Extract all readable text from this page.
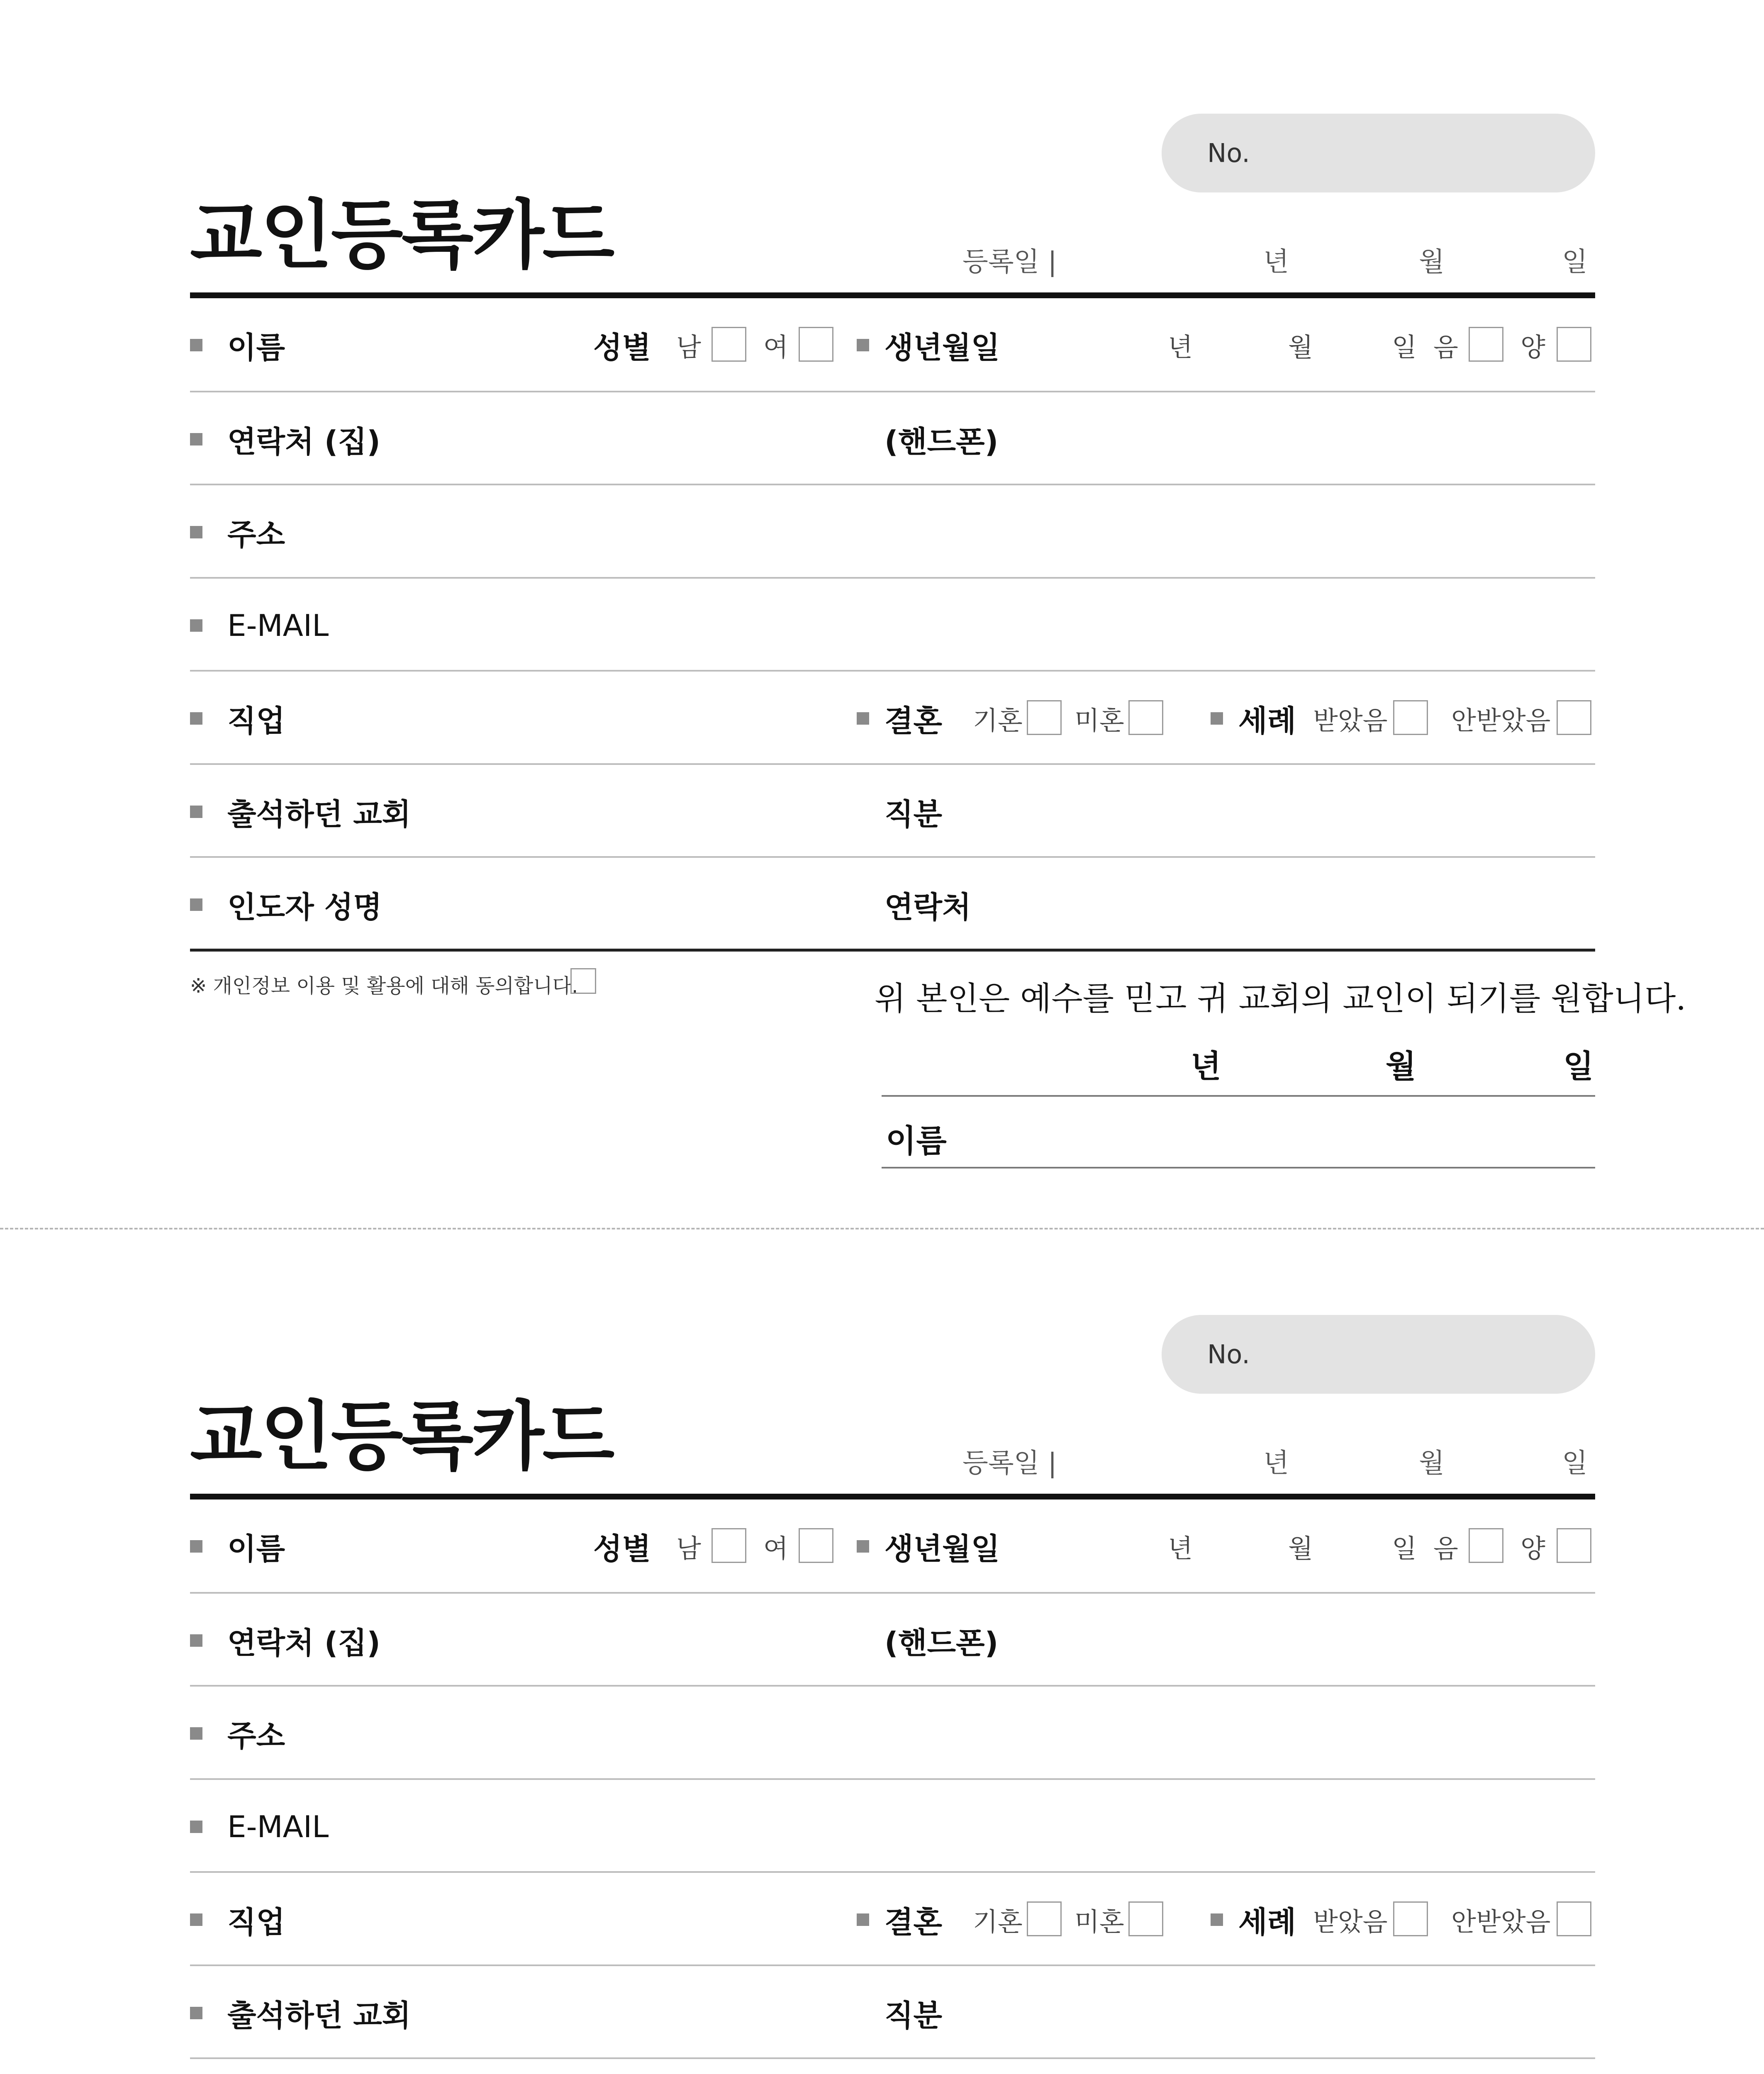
No.
교인등록카드	등록일 |	년	월	일
이름	성별 남 여	생년월일	년	월	일 음 양
연락처 (집)	(핸드폰)
주소
E-MAIL
직업	결혼 기혼 미혼	세례 받았음 안받았음
출석하던 교회	직분
인도자 성명	연락처
※ 개인정보 이용 및 활용에 대해 동의합니다.	위 본인은 예수를 믿고 귀 교회의 교인이 되기를 원합니다.
년	월	일
이름
No.
교인등록카드	등록일 |	년	월	일
이름	성별 남 여	생년월일	년	월	일 음 양
연락처 (집)	(핸드폰)
주소
E-MAIL
직업	결혼 기혼 미혼	세례 받았음 안받았음
출석하던 교회	직분
